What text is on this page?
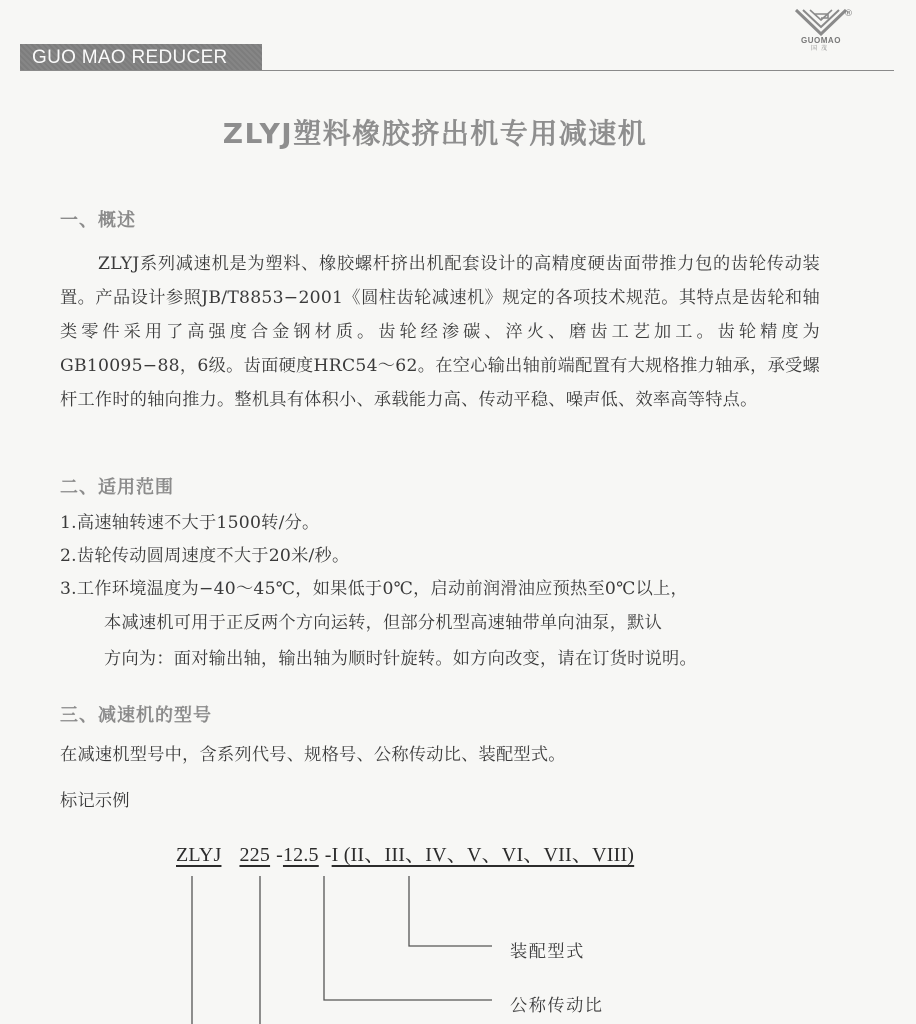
GUO MAO REDUCER
GUOMAO
国茂
®
ZLYJ塑料橡胶挤出机专用减速机
一、概述
ZLYJ系列减速机是为塑料、橡胶螺杆挤出机配套设计的高精度硬齿面带推力包的齿轮传动装置。产品设计参照JB/T8853−2001《圆柱齿轮减速机》规定的各项技术规范。其特点是齿轮和轴类零件采用了高强度合金钢材质。齿轮经渗碳、淬火、磨齿工艺加工。齿轮精度为GB10095−88，6级。齿面硬度HRC54～62。在空心输出轴前端配置有大规格推力轴承，承受螺杆工作时的轴向推力。整机具有体积小、承载能力高、传动平稳、噪声低、效率高等特点。
二、适用范围
1.高速轴转速不大于1500转/分。
2.齿轮传动圆周速度不大于20米/秒。
3.工作环境温度为−40～45℃，如果低于0℃，启动前润滑油应预热至0℃以上，
本减速机可用于正反两个方向运转，但部分机型高速轴带单向油泵，默认
方向为：面对输出轴，输出轴为顺时针旋转。如方向改变，请在订货时说明。
三、减速机的型号
在减速机型号中，含系列代号、规格号、公称传动比、装配型式。
标记示例
ZLYJ 225 -12.5 -I (II、III、IV、V、VI、VII、VIII)
装配型式
公称传动比
